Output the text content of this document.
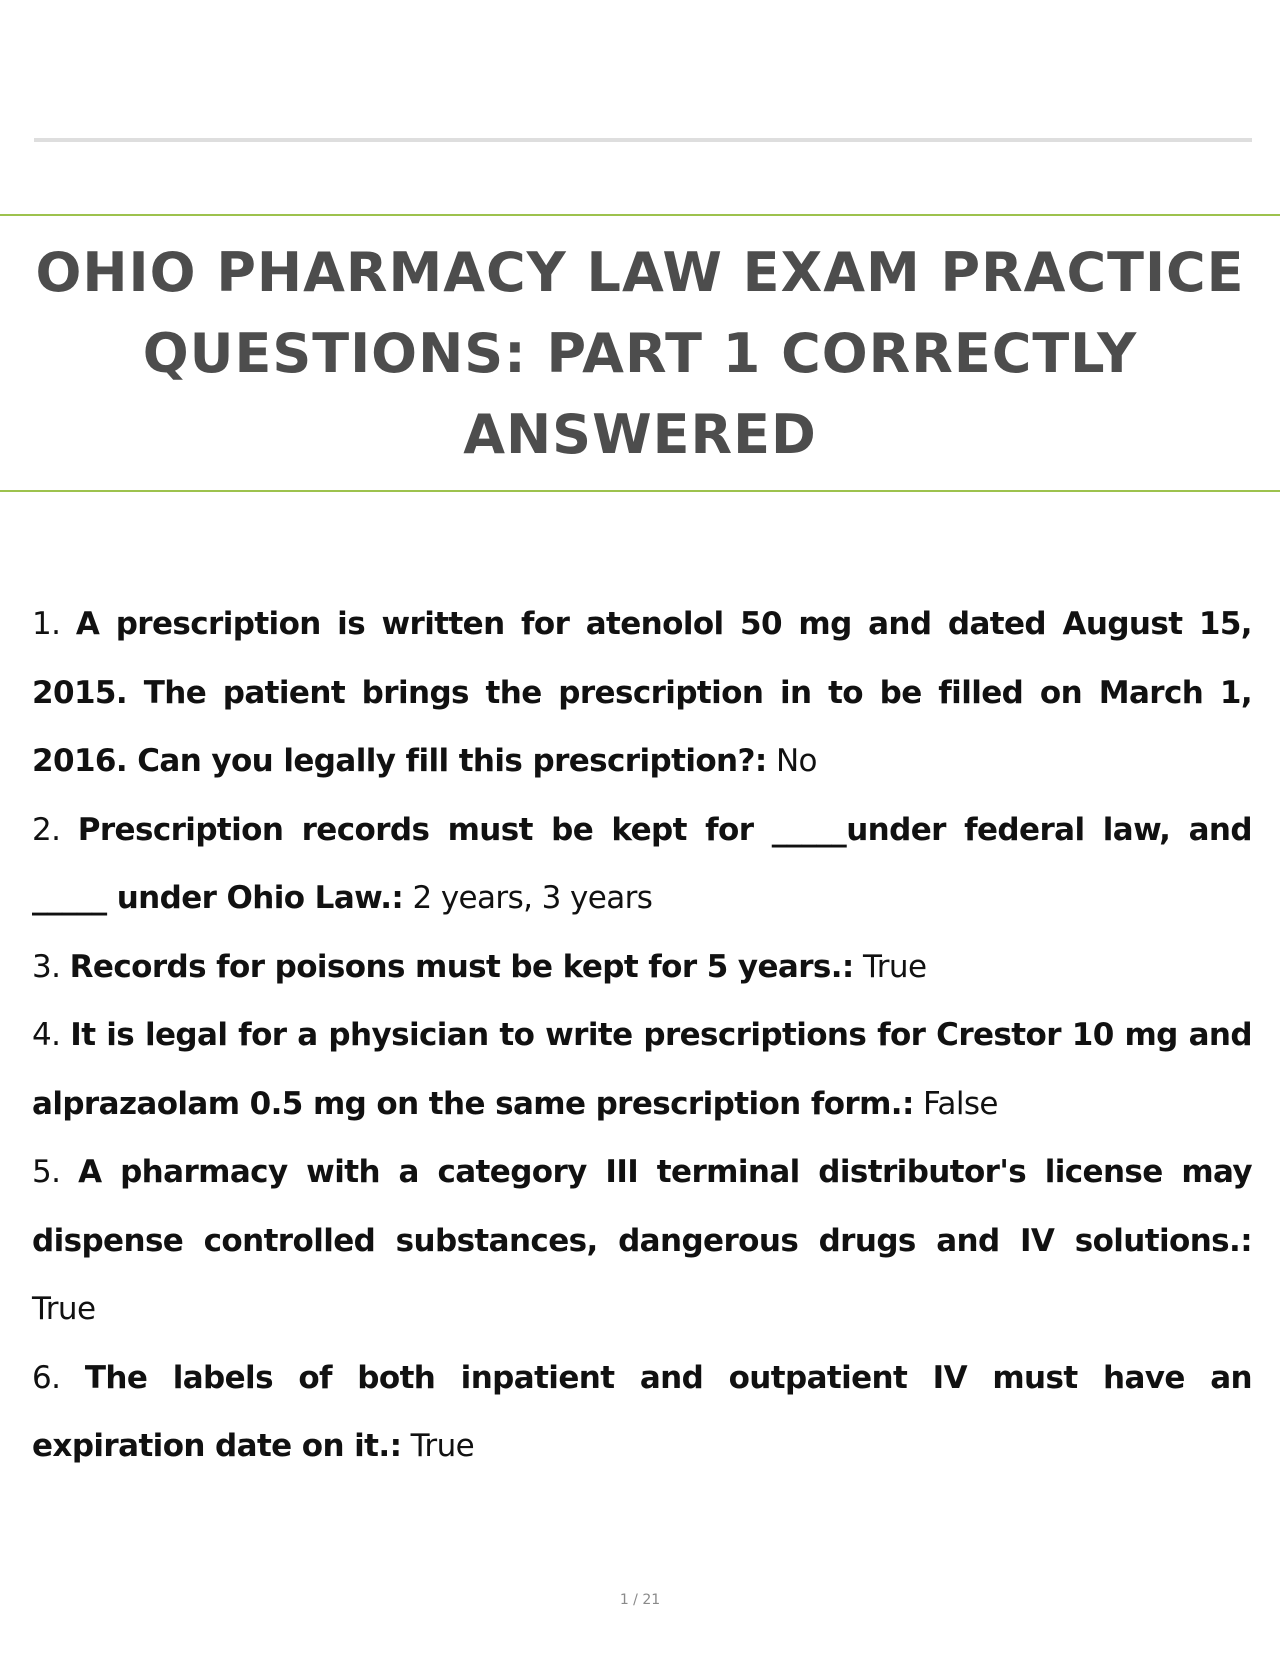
OHIO PHARMACY LAW EXAM PRACTICE QUESTIONS: PART 1 CORRECTLY ANSWERED
1. A prescription is written for atenolol 50 mg and dated August 15, 2015. The patient brings the prescription in to be filled on March 1, 2016. Can you legally fill this prescription?: No
2. Prescription records must be kept for _____under federal law, and _____ under Ohio Law.: 2 years, 3 years
3. Records for poisons must be kept for 5 years.: True
4. It is legal for a physician to write prescriptions for Crestor 10 mg and alprazaolam 0.5 mg on the same prescription form.: False
5. A pharmacy with a category III terminal distributor's license may dispense controlled substances, dangerous drugs and IV solutions.: True
6. The labels of both inpatient and outpatient IV must have an expiration date on it.: True
1 / 21
